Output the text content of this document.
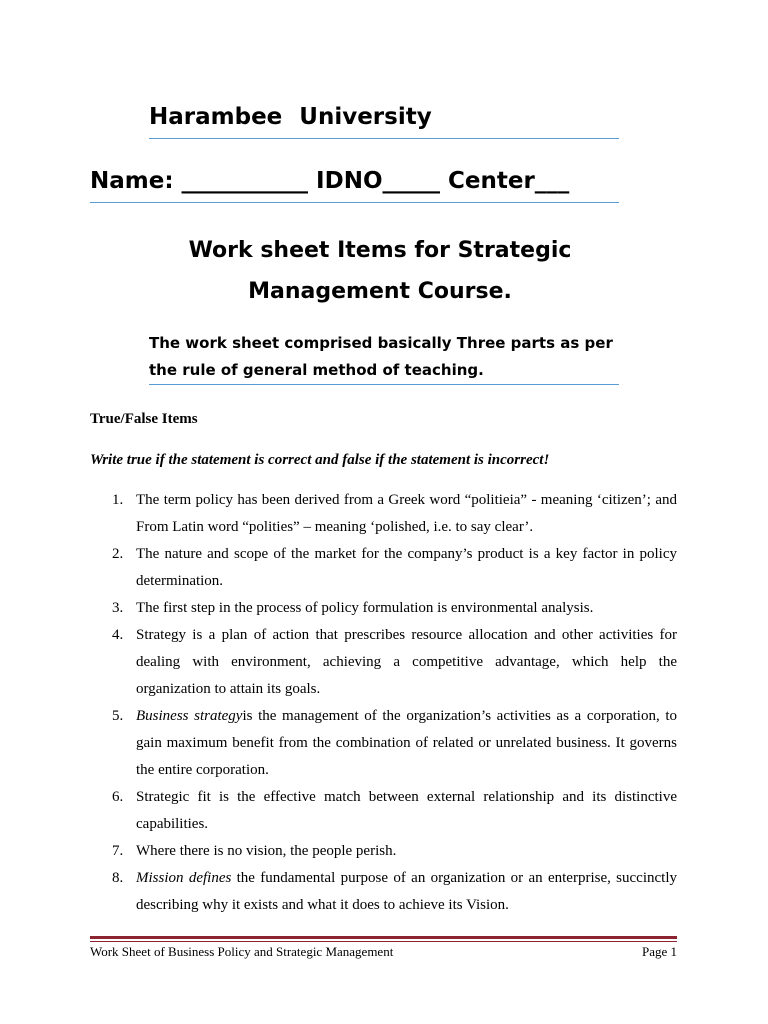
Harambee University
Name: ___________ IDNO_____ Center___
Work sheet Items for Strategic
Management Course.
The work sheet comprised basically Three parts as per
the rule of general method of teaching.
True/False Items
Write true if the statement is correct and false if the statement is incorrect!
1. The term policy has been derived from a Greek word “politieia” - meaning ‘citizen’; and From Latin word “polities” – meaning ‘polished, i.e. to say clear’.
2. The nature and scope of the market for the company’s product is a key factor in policy determination.
3. The first step in the process of policy formulation is environmental analysis.
4. Strategy is a plan of action that prescribes resource allocation and other activities for dealing with environment, achieving a competitive advantage, which help the organization to attain its goals.
5. Business strategyis the management of the organization’s activities as a corporation, to gain maximum benefit from the combination of related or unrelated business. It governs the entire corporation.
6. Strategic fit is the effective match between external relationship and its distinctive capabilities.
7. Where there is no vision, the people perish.
8. Mission defines the fundamental purpose of an organization or an enterprise, succinctly describing why it exists and what it does to achieve its Vision.
Work Sheet of Business Policy and Strategic Management	Page 1
